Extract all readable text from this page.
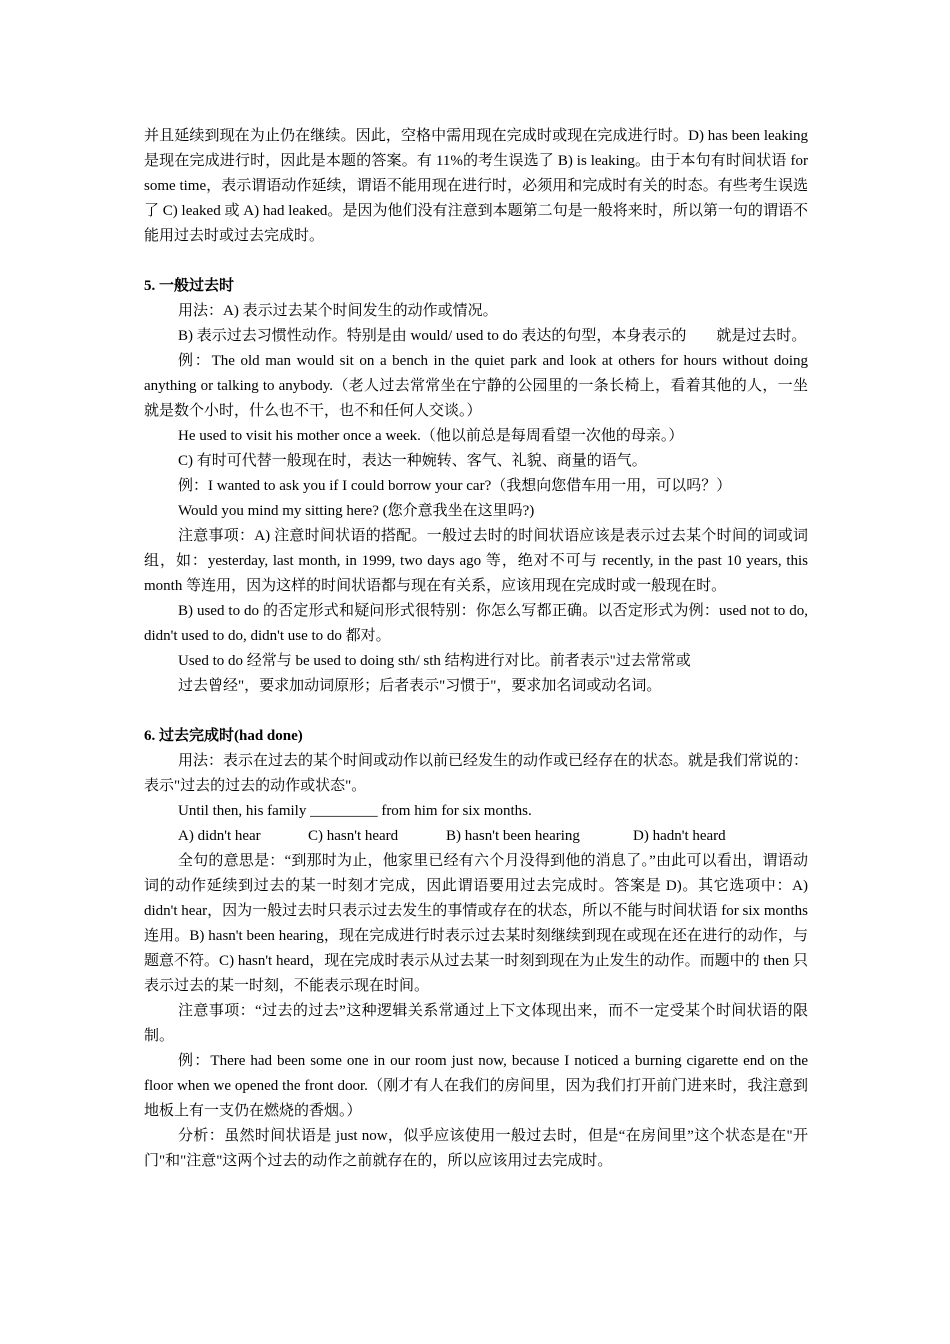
并且延续到现在为止仍在继续。因此，空格中需用现在完成时或现在完成进行时。D) has been leaking 是现在完成进行时，因此是本题的答案。有 11%的考生误选了 B) is leaking。由于本句有时间状语 for some time，表示谓语动作延续，谓语不能用现在进行时，必须用和完成时有关的时态。有些考生误选了 C) leaked 或 A) had leaked。是因为他们没有注意到本题第二句是一般将来时，所以第一句的谓语不能用过去时或过去完成时。

5. 一般过去时

用法：A) 表示过去某个时间发生的动作或情况。

B) 表示过去习惯性动作。特别是由 would/ used to do 表达的句型，本身表示的　　就是过去时。

例：The old man would sit on a bench in the quiet park and look at others for hours without doing anything or talking to anybody.（老人过去常常坐在宁静的公园里的一条长椅上，看着其他的人，一坐就是数个小时，什么也不干，也不和任何人交谈。）

He used to visit his mother once a week.（他以前总是每周看望一次他的母亲。）

C) 有时可代替一般现在时，表达一种婉转、客气、礼貌、商量的语气。

例：I wanted to ask you if I could borrow your car?（我想向您借车用一用，可以吗？）

Would you mind my sitting here? (您介意我坐在这里吗?)

注意事项：A) 注意时间状语的搭配。一般过去时的时间状语应该是表示过去某个时间的词或词组，如：yesterday, last month, in 1999, two days ago 等，绝对不可与 recently, in the past 10 years, this month 等连用，因为这样的时间状语都与现在有关系，应该用现在完成时或一般现在时。

B) used to do 的否定形式和疑问形式很特别：你怎么写都正确。以否定形式为例：used not to do, didn't used to do, didn't use to do 都对。

Used to do 经常与 be used to doing sth/ sth 结构进行对比。前者表示"过去常常或

过去曾经"，要求加动词原形；后者表示"习惯于"，要求加名词或动名词。

6. 过去完成时(had done)

用法：表示在过去的某个时间或动作以前已经发生的动作或已经存在的状态。就是我们常说的：表示"过去的过去的动作或状态"。

Until then, his family _________ from him for six months.

A) didn't hear	C) hasn't heard	B) hasn't been hearing	D) hadn't heard

全句的意思是：“到那时为止，他家里已经有六个月没得到他的消息了。”由此可以看出，谓语动词的动作延续到过去的某一时刻才完成，因此谓语要用过去完成时。答案是 D)。其它选项中：A) didn't hear，因为一般过去时只表示过去发生的事情或存在的状态，所以不能与时间状语 for six months 连用。B) hasn't been hearing，现在完成进行时表示过去某时刻继续到现在或现在还在进行的动作，与题意不符。C) hasn't heard，现在完成时表示从过去某一时刻到现在为止发生的动作。而题中的 then 只表示过去的某一时刻，不能表示现在时间。

注意事项：“过去的过去”这种逻辑关系常通过上下文体现出来，而不一定受某个时间状语的限制。

例：There had been some one in our room just now, because I noticed a burning cigarette end on the floor when we opened the front door.（刚才有人在我们的房间里，因为我们打开前门进来时，我注意到地板上有一支仍在燃烧的香烟。）

分析：虽然时间状语是 just now，似乎应该使用一般过去时，但是“在房间里”这个状态是在"开门"和"注意"这两个过去的动作之前就存在的，所以应该用过去完成时。
